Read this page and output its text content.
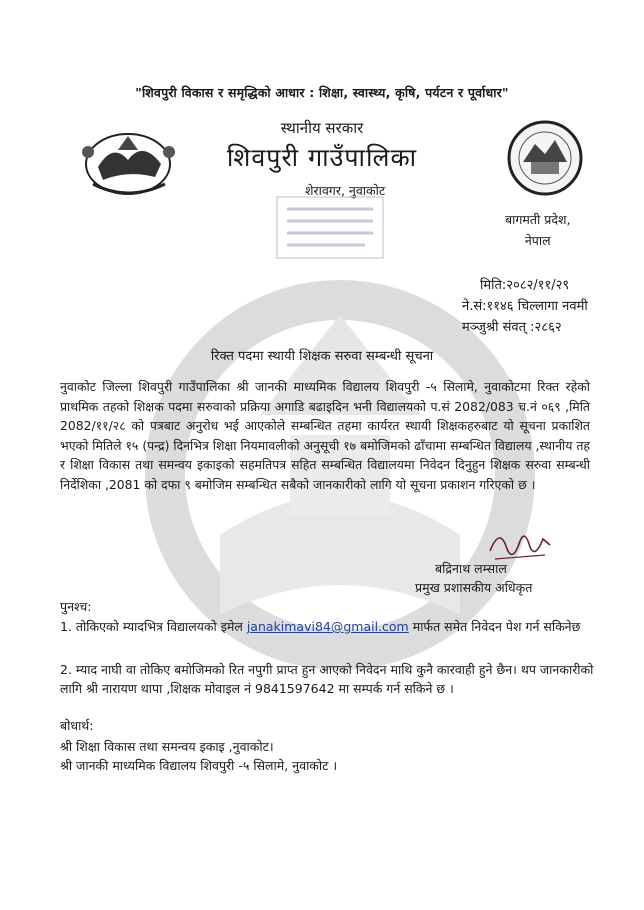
"शिवपुरी विकास र समृद्धिको आधार : शिक्षा, स्वास्थ्य, कृषि, पर्यटन र पूर्वाधार"
स्थानीय सरकार
शिवपुरी गाउँपालिका
शेरावगर, नुवाकोट
बागमती प्रदेश,
नेपाल
मिति:२०८२/११/२९
ने.सं:११४६ चिल्लागा नवमी
मञ्जुश्री संवत् :२८६२
रिक्त पदमा स्थायी शिक्षक सरुवा सम्बन्धी सूचना
नुवाकोट जिल्ला शिवपुरी गाउँपालिका श्री जानकी माध्यमिक विद्यालय शिवपुरी -५ सिलामे, नुवाकोटमा रिक्त रहेको प्राथमिक तहको शिक्षक पदमा सरुवाको प्रक्रिया अगाडि बढाइदिन भनी विद्यालयको प.सं 2082/083 च.नं ०६९ ,मिति 2082/११/२८ को पत्रबाट अनुरोध भई आएकोले सम्बन्धित तहमा कार्यरत स्थायी शिक्षकहरुबाट यो सूचना प्रकाशित भएको मितिले १५ (पन्द्र) दिनभित्र शिक्षा नियमावलीको अनुसूची १७ बमोजिमको ढाँचामा सम्बन्धित विद्यालय ,स्थानीय तह र शिक्षा विकास तथा समन्वय इकाइको सहमतिपत्र सहित सम्बन्धित विद्यालयमा निवेदन दिनुहुन शिक्षक सरुवा सम्बन्धी निर्देशिका ,2081 को दफा ९ बमोजिम सम्बन्धित सबैको जानकारीको लागि यो सूचना प्रकाशन गरिएको छ ।
बद्रिनाथ लम्साल
प्रमुख प्रशासकीय अधिकृत
पुनश्च:
1. तोकिएको म्यादभित्र विद्यालयको इमेल janakimavi84@gmail.com मार्फत समेत निवेदन पेश गर्न सकिनेछ
2. म्याद नाघी वा तोकिए बमोजिमको रित नपुगी प्राप्त हुन आएको निवेदन माथि कुनै कारवाही हुने छैन। थप जानकारीको लागि श्री नारायण थापा ,शिक्षक मोवाइल नं 9841597642 मा सम्पर्क गर्न सकिने छ ।
बोधार्थ:
श्री शिक्षा विकास तथा समन्वय इकाइ ,नुवाकोट।
श्री जानकी माध्यमिक विद्यालय शिवपुरी -५ सिलामे, नुवाकोट ।
